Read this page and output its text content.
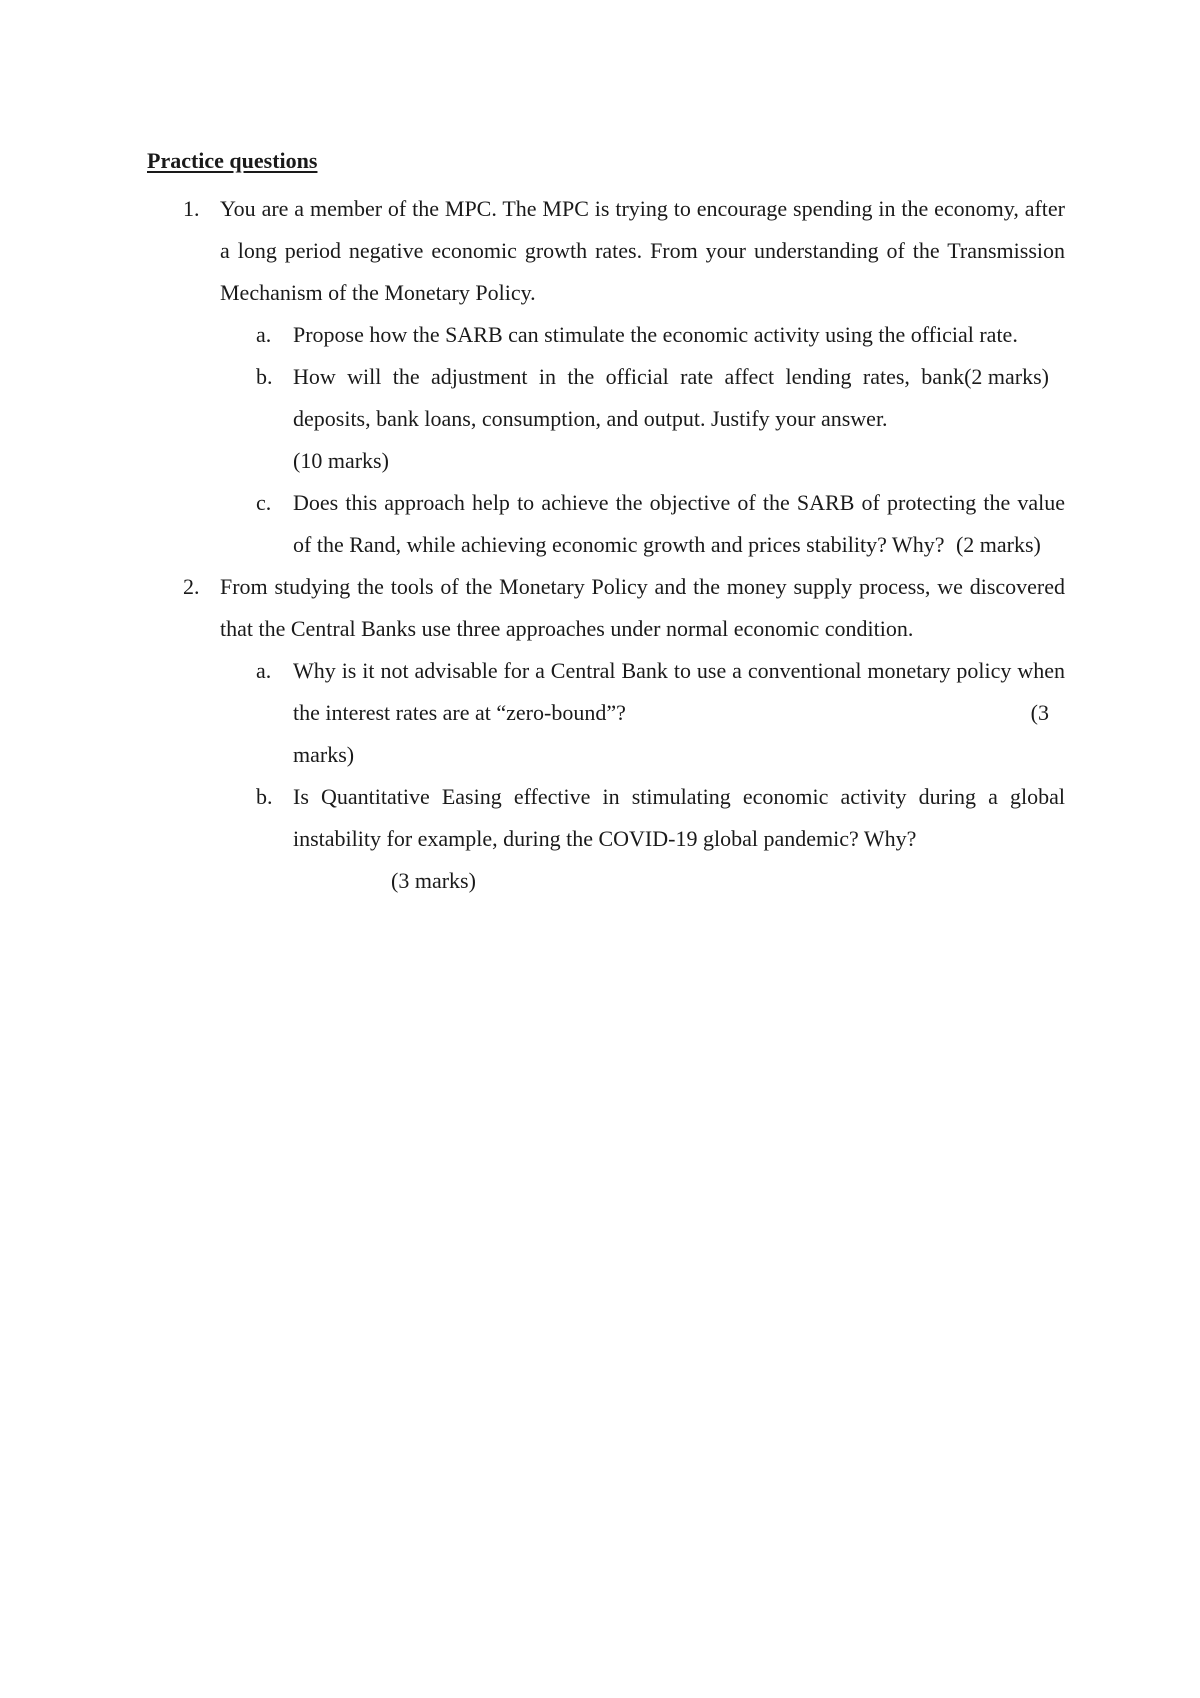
Practice questions
1. You are a member of the MPC. The MPC is trying to encourage spending in the economy, after a long period negative economic growth rates. From your understanding of the Transmission Mechanism of the Monetary Policy.

a. Propose how the SARB can stimulate the economic activity using the official rate.
(2 marks)

b. How will the adjustment in the official rate affect lending rates, bank deposits, bank loans, consumption, and output. Justify your answer.
(10 marks)

c. Does this approach help to achieve the objective of the SARB of protecting the value of the Rand, while achieving economic growth and prices stability? Why? (2 marks)

2. From studying the tools of the Monetary Policy and the money supply process, we discovered that the Central Banks use three approaches under normal economic condition.

a. Why is it not advisable for a Central Bank to use a conventional monetary policy when the interest rates are at “zero-bound”?	(3
marks)

b. Is Quantitative Easing effective in stimulating economic activity during a global instability for example, during the COVID-19 global pandemic? Why?
(3 marks)
